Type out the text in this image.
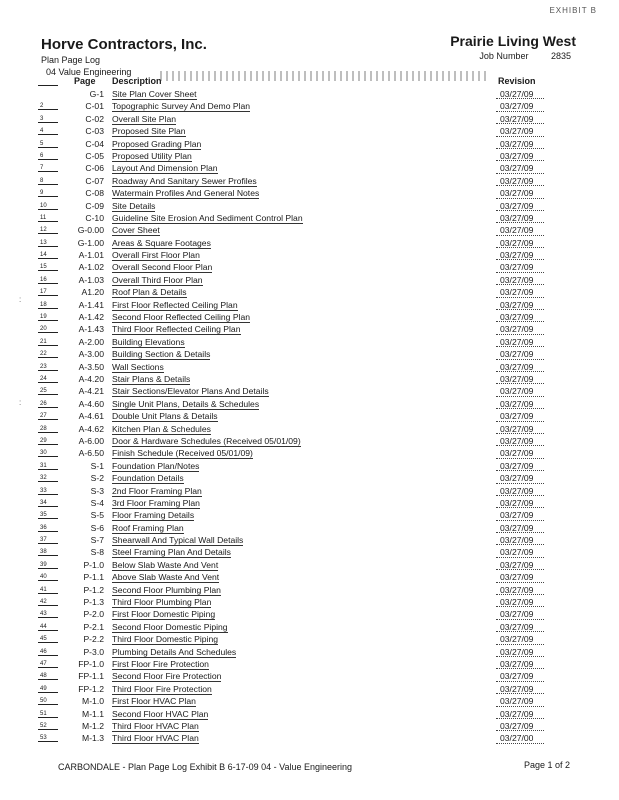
EXHIBIT B
Horve Contractors, Inc.	Prairie Living West
Job Number	2835
Plan Page Log
04 Value Engineering
Page Description	Revision
G-1 Site Plan Cover Sheet	03/27/09
2	C-01 Topographic Survey And Demo Plan	03/27/09
3	C-02 Overall Site Plan	03/27/09
4	C-03 Proposed Site Plan	03/27/09
5	C-04 Proposed Grading Plan	03/27/09
6	C-05 Proposed Utility Plan	03/27/09
7	C-06 Layout And Dimension Plan	03/27/09
8	C-07 Roadway And Sanitary Sewer Profiles	03/27/09
9	C-08 Watermain Profiles And General Notes	03/27/09
10	C-09 Site Details	03/27/09
11	C-10 Guideline Site Erosion And Sediment Control Plan	03/27/09
12	G-0.00 Cover Sheet	03/27/09
13	G-1.00 Areas & Square Footages	03/27/09
14	A-1.01 Overall First Floor Plan	03/27/09
15	A-1.02 Overall Second Floor Plan	03/27/09
16	A-1.03 Overall Third Floor Plan	03/27/09
17	A1.20 Roof Plan & Details	03/27/09
18	A-1.41 First Floor Reflected Ceiling Plan	03/27/09
19	A-1.42 Second Floor Reflected Ceiling Plan	03/27/09
20	A-1.43 Third Floor Reflected Ceiling Plan	03/27/09
21	A-2.00 Building Elevations	03/27/09
22	A-3.00 Building Section & Details	03/27/09
23	A-3.50 Wall Sections	03/27/09
24	A-4.20 Stair Plans & Details	03/27/09
25	A-4.21 Stair Sections/Elevator Plans And Details	03/27/09
26	A-4.60 Single Unit Plans, Details & Schedules	03/27/09
27	A-4.61 Double Unit Plans & Details	03/27/09
28	A-4.62 Kitchen Plan & Schedules	03/27/09
29	A-6.00 Door & Hardware Schedules (Received 05/01/09)	03/27/09
30	A-6.50 Finish Schedule (Received 05/01/09)	03/27/09
31	S-1 Foundation Plan/Notes	03/27/09
32	S-2 Foundation Details	03/27/09
33	S-3 2nd Floor Framing Plan	03/27/09
34	S-4 3rd Floor Framing Plan	03/27/09
35	S-5 Floor Framing Details	03/27/09
36	S-6 Roof Framing Plan	03/27/09
37	S-7 Shearwall And Typical Wall Details	03/27/09
38	S-8 Steel Framing Plan And Details	03/27/09
39	P-1.0 Below Slab Waste And Vent	03/27/09
40	P-1.1 Above Slab Waste And Vent	03/27/09
41	P-1.2 Second Floor Plumbing Plan	03/27/09
42	P-1.3 Third Floor Plumbing Plan	03/27/09
43	P-2.0 First Floor Domestic Piping	03/27/09
44	P-2.1 Second Floor Domestic Piping	03/27/09
45	P-2.2 Third Floor Domestic Piping	03/27/09
46	P-3.0 Plumbing Details And Schedules	03/27/09
47	FP-1.0 First Floor Fire Protection	03/27/09
48	FP-1.1 Second Floor Fire Protection	03/27/09
49	FP-1.2 Third Floor Fire Protection	03/27/09
50	M-1.0 First Floor HVAC Plan	03/27/09
51	M-1.1 Second Floor HVAC Plan	03/27/09
52	M-1.2 Third Floor HVAC Plan	03/27/09
53	M-1.3 Third Floor HVAC Plan	03/27/00
:
:
CARBONDALE - Plan Page Log Exhibit B 6-17-09 04 - Value Engineering	Page 1 of 2
